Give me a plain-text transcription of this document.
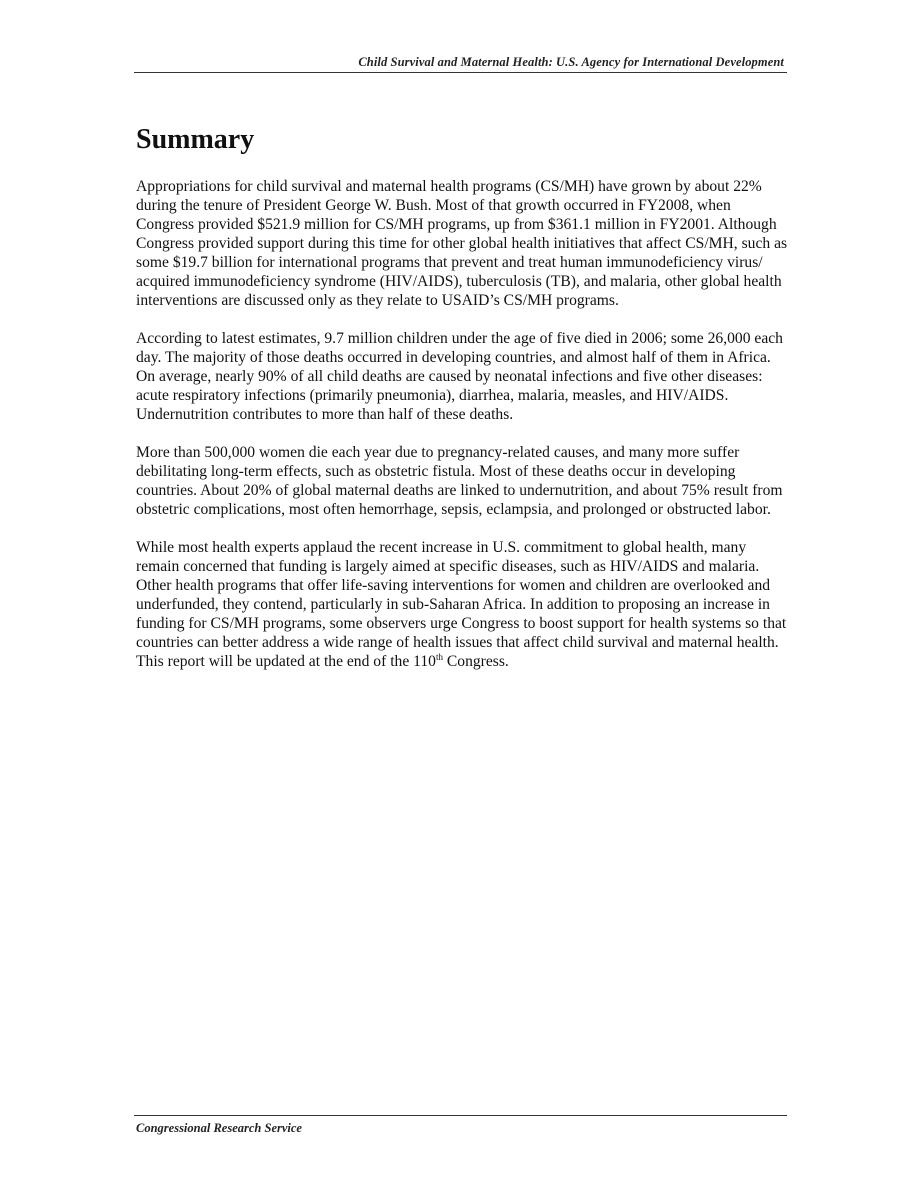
Child Survival and Maternal Health: U.S. Agency for International Development
Summary

Appropriations for child survival and maternal health programs (CS/MH) have grown by about 22% during the tenure of President George W. Bush. Most of that growth occurred in FY2008, when Congress provided $521.9 million for CS/MH programs, up from $361.1 million in FY2001. Although Congress provided support during this time for other global health initiatives that affect CS/MH, such as some $19.7 billion for international programs that prevent and treat human immunodeficiency virus/ acquired immunodeficiency syndrome (HIV/AIDS), tuberculosis (TB), and malaria, other global health interventions are discussed only as they relate to USAID’s CS/MH programs.

According to latest estimates, 9.7 million children under the age of five died in 2006; some 26,000 each day. The majority of those deaths occurred in developing countries, and almost half of them in Africa. On average, nearly 90% of all child deaths are caused by neonatal infections and five other diseases: acute respiratory infections (primarily pneumonia), diarrhea, malaria, measles, and HIV/AIDS. Undernutrition contributes to more than half of these deaths.

More than 500,000 women die each year due to pregnancy-related causes, and many more suffer debilitating long-term effects, such as obstetric fistula. Most of these deaths occur in developing countries. About 20% of global maternal deaths are linked to undernutrition, and about 75% result from obstetric complications, most often hemorrhage, sepsis, eclampsia, and prolonged or obstructed labor.

While most health experts applaud the recent increase in U.S. commitment to global health, many remain concerned that funding is largely aimed at specific diseases, such as HIV/AIDS and malaria. Other health programs that offer life-saving interventions for women and children are overlooked and underfunded, they contend, particularly in sub-Saharan Africa. In addition to proposing an increase in funding for CS/MH programs, some observers urge Congress to boost support for health systems so that countries can better address a wide range of health issues that affect child survival and maternal health. This report will be updated at the end of the 110th Congress.

Congressional Research Service
